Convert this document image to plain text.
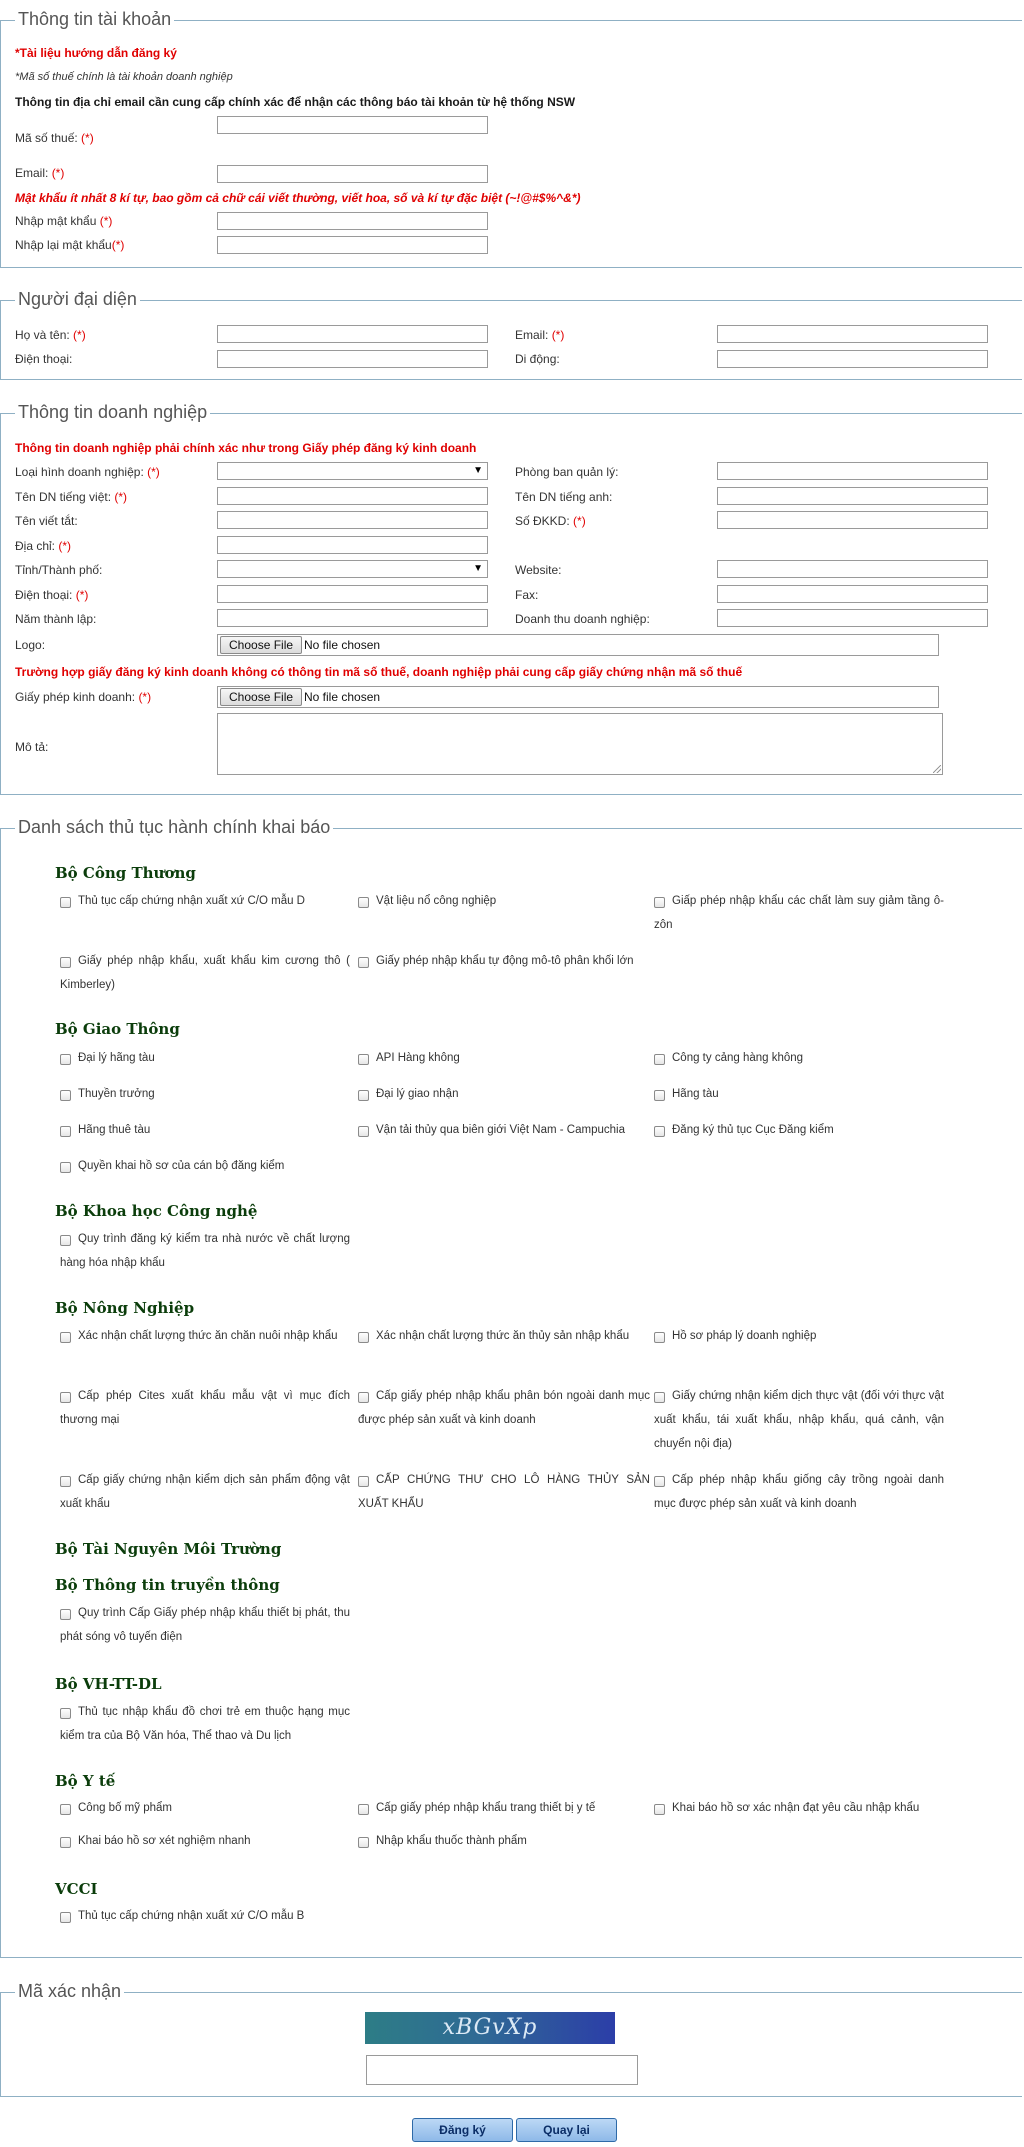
Thông tin tài khoản
*Tài liệu hướng dẫn đăng ký
*Mã số thuế chính là tài khoản doanh nghiệp
Thông tin địa chỉ email cần cung cấp chính xác để nhận các thông báo tài khoản từ hệ thống NSW
Mã số thuế: (*)
Email: (*)
Mật khẩu ít nhất 8 kí tự, bao gồm cả chữ cái viết thường, viết hoa, số và kí tự đặc biệt (~!@#$%^&*)
Nhập mật khẩu (*)
Nhập lại mật khẩu(*)
Người đại diện
Họ và tên: (*)	Email: (*)
Điện thoại:	Di động:
Thông tin doanh nghiệp
Thông tin doanh nghiệp phải chính xác như trong Giấy phép đăng ký kinh doanh
Loại hình doanh nghiệp: (*)	▼	Phòng ban quản lý:
Tên DN tiếng việt: (*)	Tên DN tiếng anh:
Tên viết tắt:	Số ĐKKD: (*)
Địa chỉ: (*)
Tỉnh/Thành phố:	▼	Website:
Điện thoại: (*)	Fax:
Năm thành lập:	Doanh thu doanh nghiệp:
Logo:	Choose File No file chosen
Trường hợp giấy đăng ký kinh doanh không có thông tin mã số thuế, doanh nghiệp phải cung cấp giấy chứng nhận mã số thuế
Giấy phép kinh doanh: (*)	Choose File No file chosen
Mô tả:
Danh sách thủ tục hành chính khai báo
Bộ Công Thương
Thủ tục cấp chứng nhận xuất xứ C/O mẫu D	Vật liệu nổ công nghiệp	Giấp phép nhập khẩu các chất làm suy giảm tầng ô-zôn
Giấy phép nhập khẩu, xuất khẩu kim cương thô ( Kimberley)
Giấy phép nhập khẩu tự động mô-tô phân khối lớn
Bộ Giao Thông
Đại lý hãng tàu	API Hàng không	Công ty cảng hàng không
Thuyền trưởng	Đại lý giao nhận	Hãng tàu
Hãng thuê tàu	Vận tải thủy qua biên giới Việt Nam - Campuchia	Đăng ký thủ tục Cục Đăng kiểm
Quyền khai hồ sơ của cán bộ đăng kiểm
Bộ Khoa học Công nghệ
Quy trình đăng ký kiểm tra nhà nước về chất lượng hàng hóa nhập khẩu
Bộ Nông Nghiệp
Xác nhận chất lượng thức ăn chăn nuôi nhập khẩu	Xác nhận chất lượng thức ăn thủy sản nhập khẩu	Hồ sơ pháp lý doanh nghiệp
Cấp phép Cites xuất khẩu mẫu vật vì mục đích thương mại
Cấp giấy phép nhập khẩu phân bón ngoài danh mục được phép sản xuất và kinh doanh
Giấy chứng nhận kiểm dịch thực vật (đối với thực vật xuất khẩu, tái xuất khẩu, nhập khẩu, quá cảnh, vận chuyển nội địa)
Cấp giấy chứng nhận kiểm dịch sản phẩm động vật xuất khẩu
CẤP CHỨNG THƯ CHO LÔ HÀNG THỦY SẢN XUẤT KHẨU
Cấp phép nhập khẩu giống cây trồng ngoài danh mục được phép sản xuất và kinh doanh
Bộ Tài Nguyên Môi Trường
Bộ Thông tin truyền thông
Quy trình Cấp Giấy phép nhập khẩu thiết bị phát, thu phát sóng vô tuyến điện
Bộ VH-TT-DL
Thủ tục nhập khẩu đồ chơi trẻ em thuộc hạng mục kiểm tra của Bộ Văn hóa, Thể thao và Du lịch
Bộ Y tế
Công bố mỹ phẩm	Cấp giấy phép nhập khẩu trang thiết bị y tế	Khai báo hồ sơ xác nhận đạt yêu cầu nhập khẩu
Khai báo hồ sơ xét nghiệm nhanh	Nhập khẩu thuốc thành phẩm
VCCI
Thủ tục cấp chứng nhận xuất xứ C/O mẫu B
Mã xác nhận
xBGvXp
Đăng ký	Quay lại
